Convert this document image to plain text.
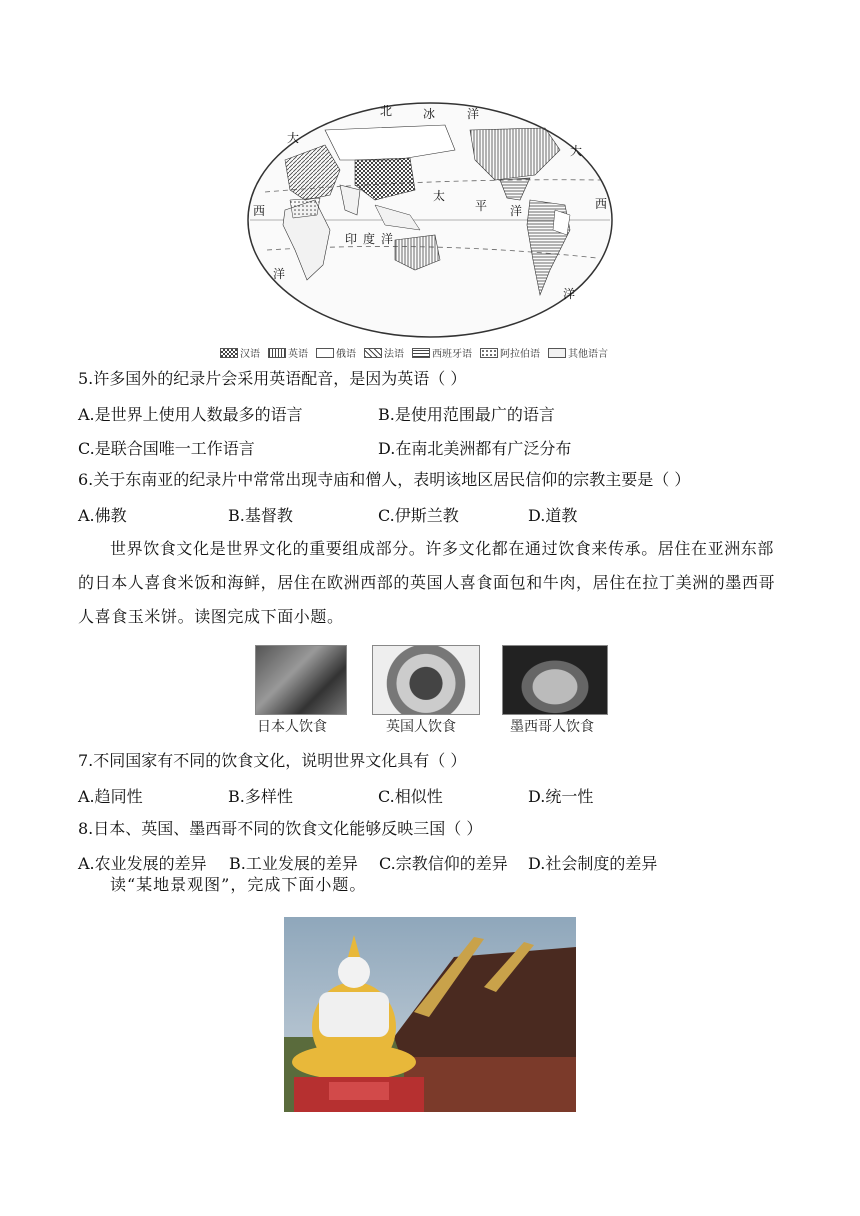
北	冰	洋
大
西
太
平 洋
印 度 洋
大
西
洋
洋
汉语	英语	俄语	法语	西班牙语	阿拉伯语	其他语言
5.许多国外的纪录片会采用英语配音，是因为英语（ ）
A.是世界上使用人数最多的语言	B.是使用范围最广的语言
C.是联合国唯一工作语言	D.在南北美洲都有广泛分布
6.关于东南亚的纪录片中常常出现寺庙和僧人，表明该地区居民信仰的宗教主要是（ ）
A.佛教	B.基督教	C.伊斯兰教	D.道教
世界饮食文化是世界文化的重要组成部分。许多文化都在通过饮食来传承。居住在亚洲东部的日本人喜食米饭和海鲜，居住在欧洲西部的英国人喜食面包和牛肉，居住在拉丁美洲的墨西哥人喜食玉米饼。读图完成下面小题。
日本人饮食	英国人饮食	墨西哥人饮食
7.不同国家有不同的饮食文化，说明世界文化具有（ ）
A.趋同性	B.多样性	C.相似性	D.统一性
8.日本、英国、墨西哥不同的饮食文化能够反映三国（ ）
A.农业发展的差异 B.工业发展的差异 C.宗教信仰的差异 D.社会制度的差异
读“某地景观图”，完成下面小题。
